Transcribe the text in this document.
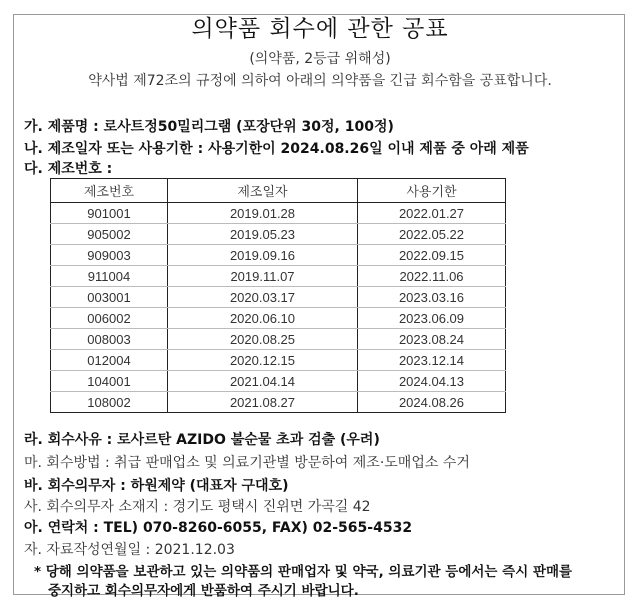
의약품 회수에 관한 공표
(의약품, 2등급 위해성)
약사법 제72조의 규정에 의하여 아래의 의약품을 긴급 회수함을 공표합니다.
가. 제품명 : 로사트정50밀리그램 (포장단위 30정, 100정)
나. 제조일자 또는 사용기한 : 사용기한이 2024.08.26일 이내 제품 중 아래 제품
다. 제조번호 :
제조번호	제조일자	사용기한
901001	2019.01.28	2022.01.27
905002	2019.05.23	2022.05.22
909003	2019.09.16	2022.09.15
911004	2019.11.07	2022.11.06
003001	2020.03.17	2023.03.16
006002	2020.06.10	2023.06.09
008003	2020.08.25	2023.08.24
012004	2020.12.15	2023.12.14
104001	2021.04.14	2024.04.13
108002	2021.08.27	2024.08.26
라. 회수사유 : 로사르탄 AZIDO 불순물 초과 검출 (우려)
마. 회수방법 : 취급 판매업소 및 의료기관별 방문하여 제조·도매업소 수거
바. 회수의무자 : 하원제약 (대표자 구대호)
사. 회수의무자 소재지 : 경기도 평택시 진위면 가곡길 42
아. 연락처 : TEL) 070-8260-6055, FAX) 02-565-4532
자. 자료작성연월일 : 2021.12.03
* 당해 의약품을 보관하고 있는 의약품의 판매업자 및 약국, 의료기관 등에서는 즉시 판매를
중지하고 회수의무자에게 반품하여 주시기 바랍니다.
